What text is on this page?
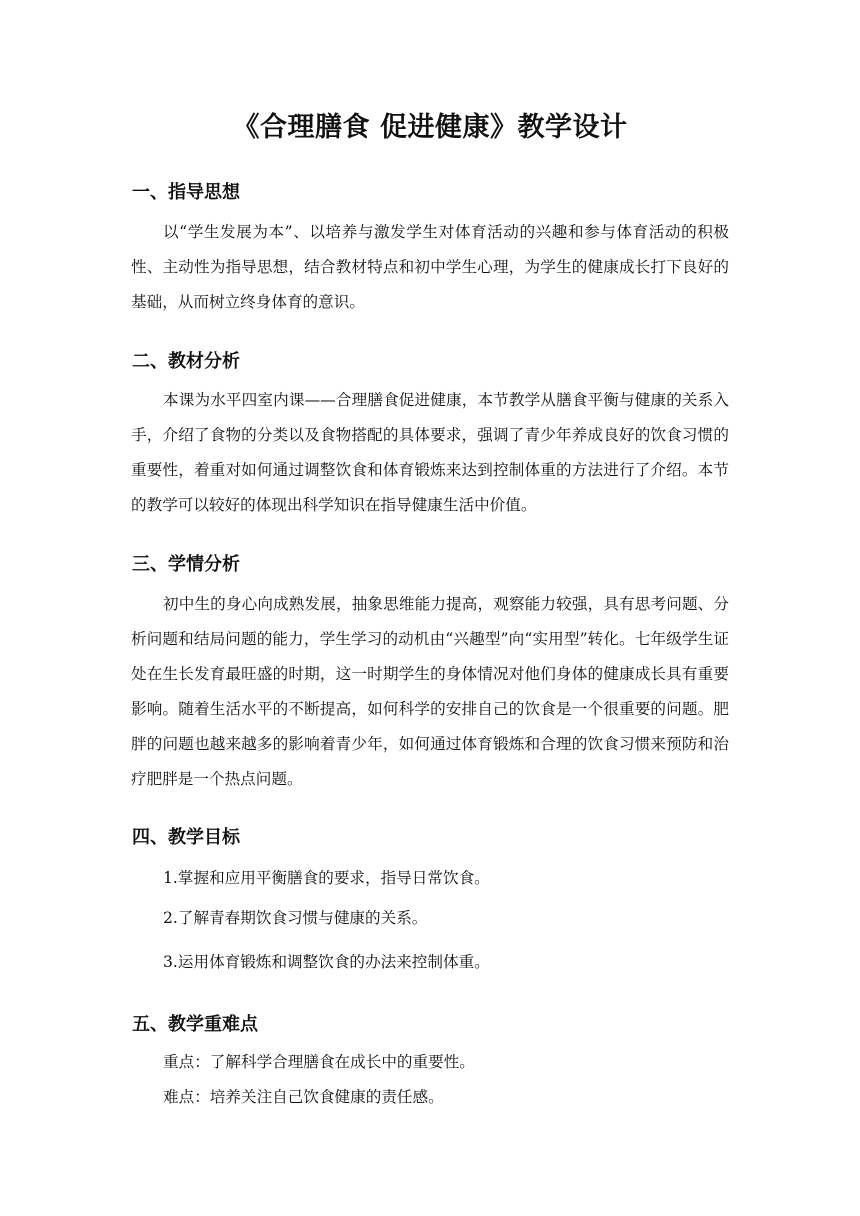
《合理膳食 促进健康》教学设计
一、指导思想

以“学生发展为本”、以培养与激发学生对体育活动的兴趣和参与体育活动的积极性、主动性为指导思想，结合教材特点和初中学生心理，为学生的健康成长打下良好的基础，从而树立终身体育的意识。

二、教材分析

本课为水平四室内课——合理膳食促进健康，本节教学从膳食平衡与健康的关系入手，介绍了食物的分类以及食物搭配的具体要求，强调了青少年养成良好的饮食习惯的重要性，着重对如何通过调整饮食和体育锻炼来达到控制体重的方法进行了介绍。本节的教学可以较好的体现出科学知识在指导健康生活中价值。

三、学情分析

初中生的身心向成熟发展，抽象思维能力提高，观察能力较强，具有思考问题、分析问题和结局问题的能力，学生学习的动机由“兴趣型”向“实用型”转化。七年级学生证处在生长发育最旺盛的时期，这一时期学生的身体情况对他们身体的健康成长具有重要影响。随着生活水平的不断提高，如何科学的安排自己的饮食是一个很重要的问题。肥胖的问题也越来越多的影响着青少年，如何通过体育锻炼和合理的饮食习惯来预防和治疗肥胖是一个热点问题。

四、教学目标
1.掌握和应用平衡膳食的要求，指导日常饮食。
2.了解青春期饮食习惯与健康的关系。
3.运用体育锻炼和调整饮食的办法来控制体重。
五、教学重难点
重点：了解科学合理膳食在成长中的重要性。
难点：培养关注自己饮食健康的责任感。
